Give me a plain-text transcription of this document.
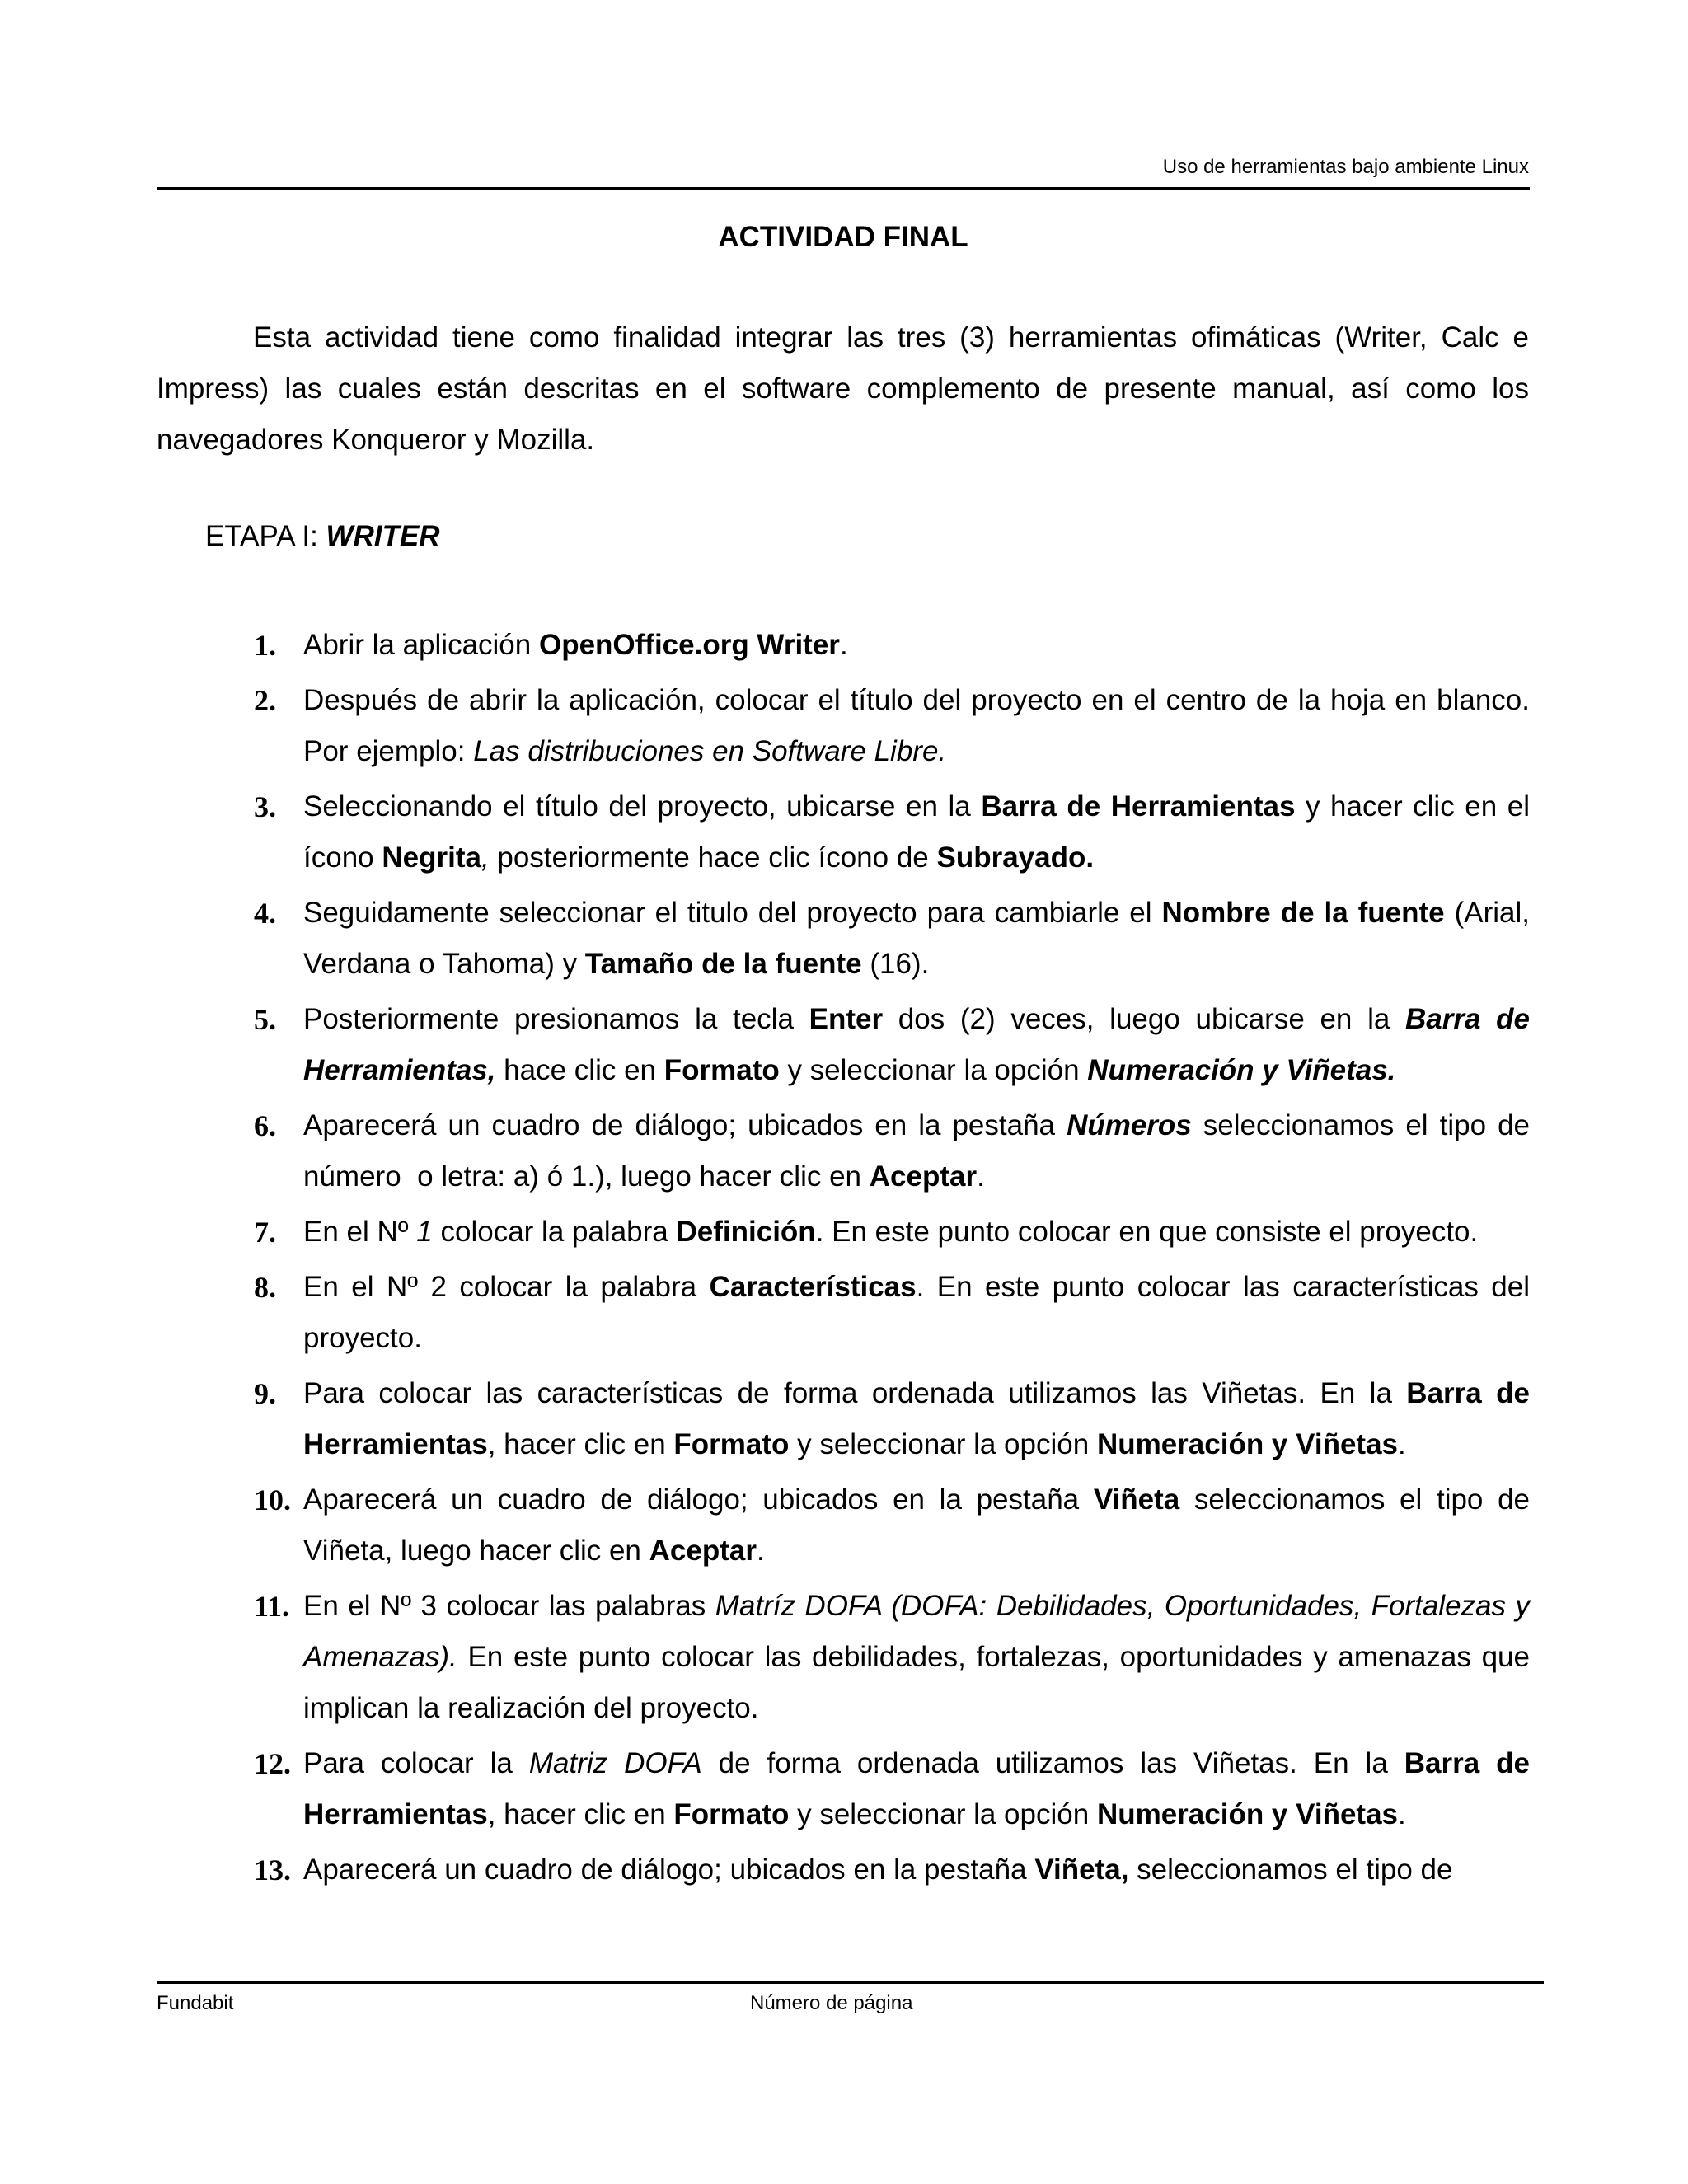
Uso de herramientas bajo ambiente Linux
ACTIVIDAD FINAL

Esta actividad tiene como finalidad integrar las tres (3) herramientas ofimáticas (Writer, Calc e Impress) las cuales están descritas en el software complemento de presente manual, así como los navegadores Konqueror y Mozilla.

ETAPA I: WRITER
1. Abrir la aplicación OpenOffice.org Writer.
2. Después de abrir la aplicación, colocar el título del proyecto en el centro de la hoja en blanco. Por ejemplo: Las distribuciones en Software Libre.
3. Seleccionando el título del proyecto, ubicarse en la Barra de Herramientas y hacer clic en el ícono Negrita, posteriormente hace clic ícono de Subrayado.
4. Seguidamente seleccionar el titulo del proyecto para cambiarle el Nombre de la fuente (Arial, Verdana o Tahoma) y Tamaño de la fuente (16).
5. Posteriormente presionamos la tecla Enter dos (2) veces, luego ubicarse en la Barra de Herramientas, hace clic en Formato y seleccionar la opción Numeración y Viñetas.
6. Aparecerá un cuadro de diálogo; ubicados en la pestaña Números seleccionamos el tipo de número  o letra: a) ó 1.), luego hacer clic en Aceptar.
7. En el Nº 1 colocar la palabra Definición. En este punto colocar en que consiste el proyecto.
8. En el Nº 2 colocar la palabra Características. En este punto colocar las características del proyecto.
9. Para colocar las características de forma ordenada utilizamos las Viñetas. En la Barra de Herramientas, hacer clic en Formato y seleccionar la opción Numeración y Viñetas.
10. Aparecerá un cuadro de diálogo; ubicados en la pestaña Viñeta seleccionamos el tipo de Viñeta, luego hacer clic en Aceptar.
11. En el Nº 3 colocar las palabras Matríz DOFA (DOFA: Debilidades, Oportunidades, Fortalezas y Amenazas). En este punto colocar las debilidades, fortalezas, oportunidades y amenazas que implican la realización del proyecto.
12. Para colocar la Matriz DOFA de forma ordenada utilizamos las Viñetas. En la Barra de Herramientas, hacer clic en Formato y seleccionar la opción Numeración y Viñetas.
13. Aparecerá un cuadro de diálogo; ubicados en la pestaña Viñeta, seleccionamos el tipo de
Fundabit	Número de página
